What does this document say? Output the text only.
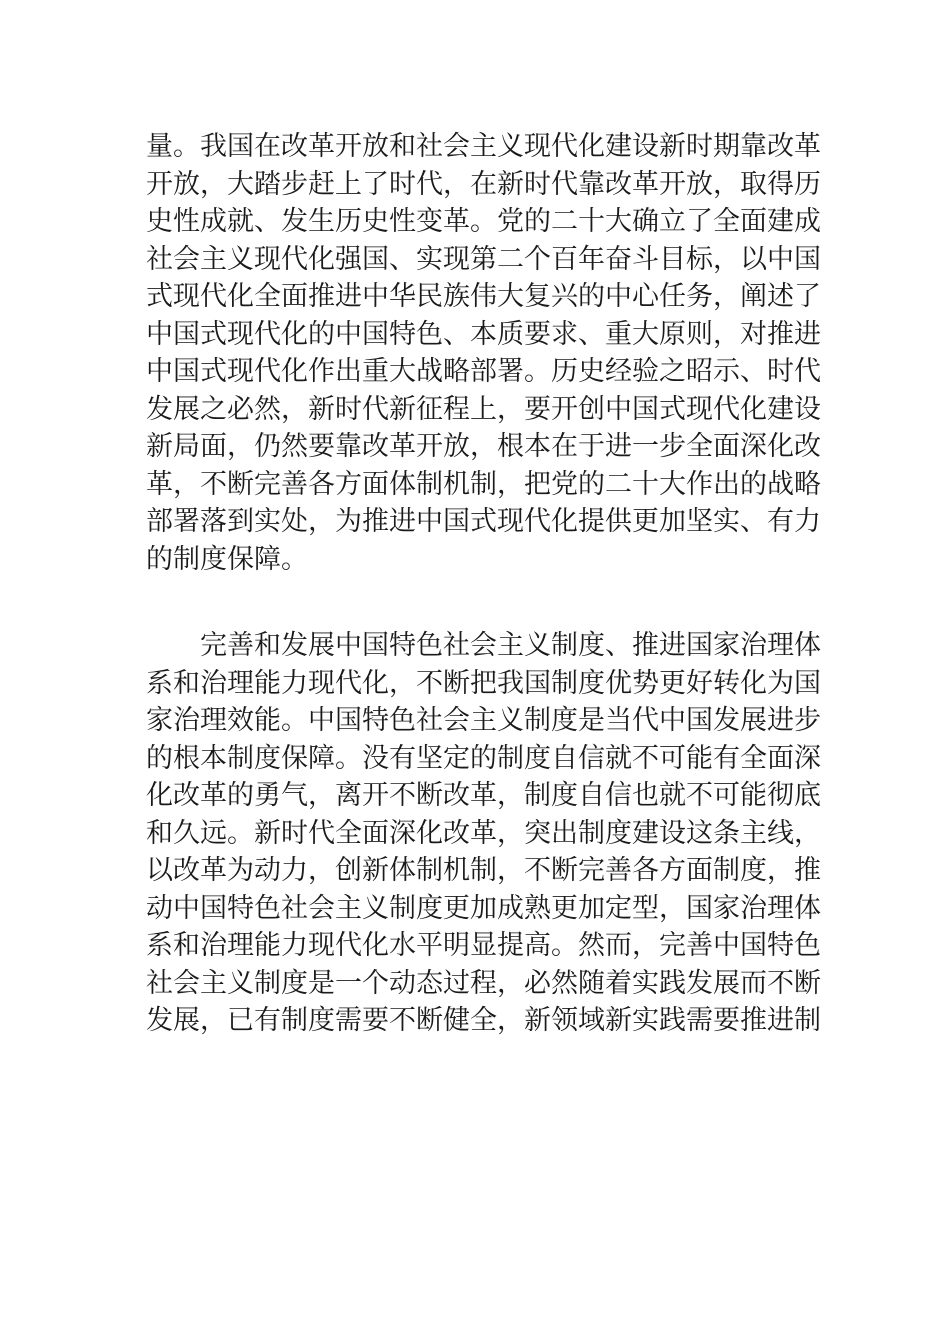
量。我国在改革开放和社会主义现代化建设新时期靠改革
开放，大踏步赶上了时代，在新时代靠改革开放，取得历
史性成就、发生历史性变革。党的二十大确立了全面建成
社会主义现代化强国、实现第二个百年奋斗目标，以中国
式现代化全面推进中华民族伟大复兴的中心任务，阐述了
中国式现代化的中国特色、本质要求、重大原则，对推进
中国式现代化作出重大战略部署。历史经验之昭示、时代
发展之必然，新时代新征程上，要开创中国式现代化建设
新局面，仍然要靠改革开放，根本在于进一步全面深化改
革，不断完善各方面体制机制，把党的二十大作出的战略
部署落到实处，为推进中国式现代化提供更加坚实、有力
的制度保障。
完善和发展中国特色社会主义制度、推进国家治理体
系和治理能力现代化，不断把我国制度优势更好转化为国
家治理效能。中国特色社会主义制度是当代中国发展进步
的根本制度保障。没有坚定的制度自信就不可能有全面深
化改革的勇气，离开不断改革，制度自信也就不可能彻底
和久远。新时代全面深化改革，突出制度建设这条主线，
以改革为动力，创新体制机制，不断完善各方面制度，推
动中国特色社会主义制度更加成熟更加定型，国家治理体
系和治理能力现代化水平明显提高。然而，完善中国特色
社会主义制度是一个动态过程，必然随着实践发展而不断
发展，已有制度需要不断健全，新领域新实践需要推进制
